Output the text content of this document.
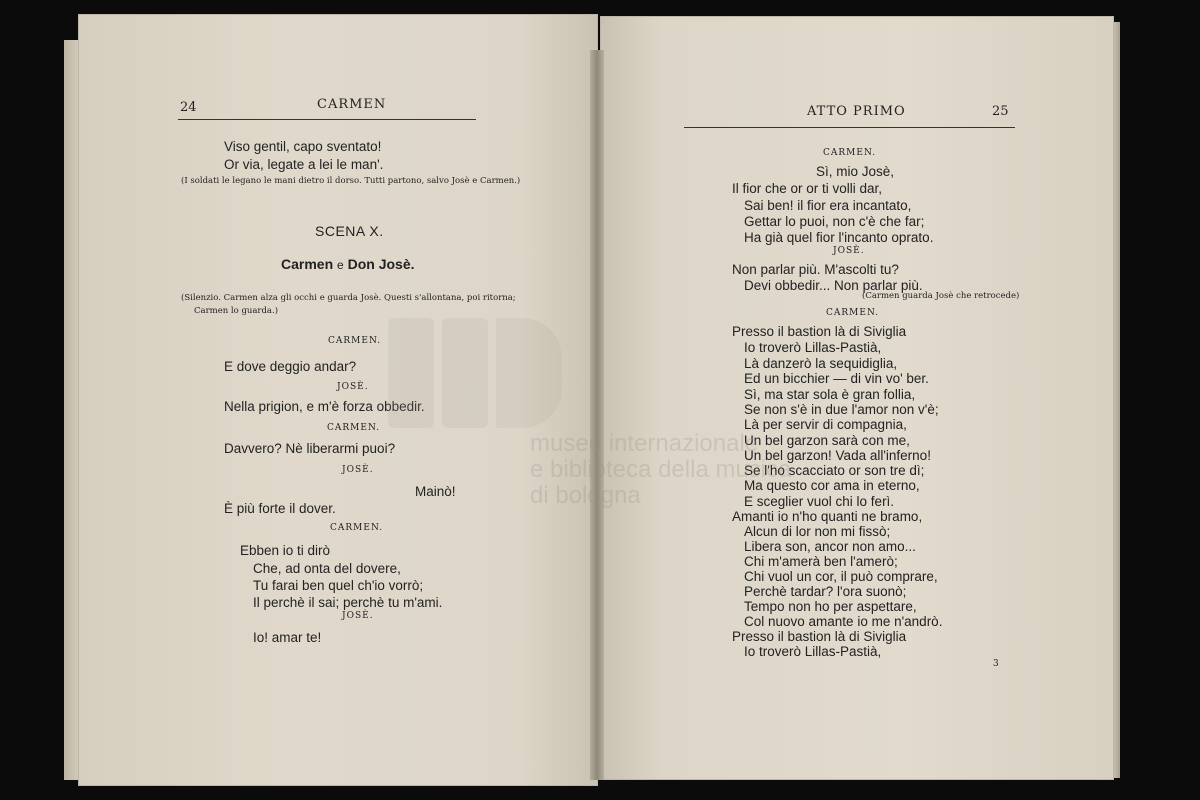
24	CARMEN
SCENA X.
Carmen e Don Josè.
(Silenzio. Carmen alza gli occhi e guarda Josè. Questi s'allontana, poi ritorna;
Carmen lo guarda.)
CARMEN.
Viso gentil, capo sventato!
Or via, legate a lei le man'.
(I soldati le legano le mani dietro il dorso. Tutti partono, salvo Josè e Carmen.)
E dove deggio andar?
JOSÈ.
Nella prigion, e m'è forza obbedir.
CARMEN.
Davvero? Nè liberarmi puoi?
JOSÈ.
Mainò!
È più forte il dover.
CARMEN.
Ebben io ti dirò
Che, ad onta del dovere,
Tu farai ben quel ch'io vorrò;
Il perchè il sai; perchè tu m'ami.
JOSÈ.
Io! amar te!
ATTO PRIMO	25
CARMEN.
Sì, mio Josè,
Il fior che or or ti volli dar,
Sai ben! il fior era incantato,
Gettar lo puoi, non c'è che far;
Ha già quel fior l'incanto oprato.
JOSÈ.
Non parlar più. M'ascolti tu?
Devi obbedir... Non parlar più.
(Carmen guarda Josè che retrocede)
CARMEN.
Presso il bastion là di Siviglia
Io troverò Lillas-Pastià,
Là danzerò la sequidiglia,
Ed un bicchier — di vin vo' ber.
Sì, ma star sola è gran follia,
Se non s'è in due l'amor non v'è;
Là per servir di compagnia,
Un bel garzon sarà con me,
Un bel garzon! Vada all'inferno!
Se l'ho scacciato or son tre dì;
Ma questo cor ama in eterno,
E sceglier vuol chi lo ferì.
Amanti io n'ho quanti ne bramo,
Alcun di lor non mi fissò;
Libera son, ancor non amo...
Chi m'amerà ben l'amerò;
Chi vuol un cor, il può comprare,
Perchè tardar? l'ora suonò;
Tempo non ho per aspettare,
Col nuovo amante io me n'andrò.
Presso il bastion là di Siviglia
Io troverò Lillas-Pastià,
3
museo internazionale
e biblioteca della musica
di bologna
